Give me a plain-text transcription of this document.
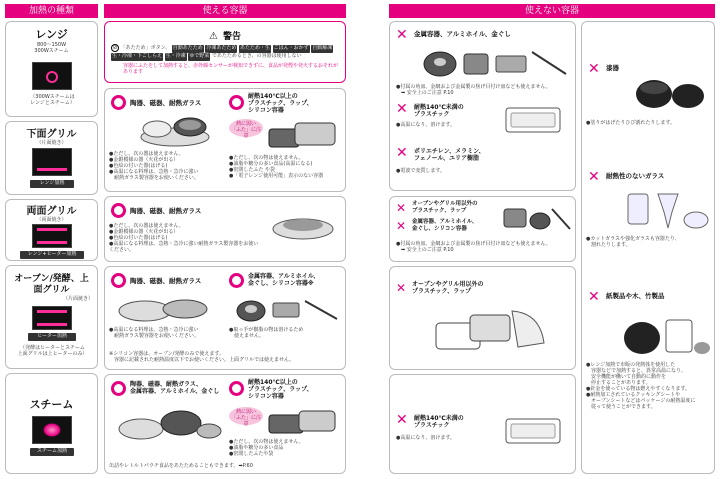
加熱の種類	使える容器	使えない容器
レンジ
800～150W
300Wスチーム
（300Wスチームは
レンジとスチーム）
下面グリル
（片面焼き）
レンジ加熱
両面グリル
（両面焼き）
レンジ+ヒーター加熱
オーブン/発酵、上面グリル
（片面焼き）
ヒーター加熱
（発酵はヒーターとスチーム
上面グリルは上ヒーターのみ）
スチーム
スチーム加熱
⚠ 警告
⊘ 「あたため」ボタン、 自動あたため 冷凍あたため あたため・生 ごはん・おかず 自動解凍 生・冷凍・下ごしらえ 生・冷凍 ゆで野菜 であたためるとき、の容器は使用しない
容器にふたをして加熱すると、赤外線センサーが検知できずに、食品が発煙や発火するおそれがあります
陶器、磁器、耐熱ガラス
●ただし、次の器は使えません。
●金銀模様の器（火花が出る）
●色絵の付いた器(はげる)
●高温になる料理は、急熱・急冷に強い
　耐熱ガラス製容器をお使いください。
耐熱140℃以上の
プラスチック、ラップ、
シリコン容器
熱に弱い
「ふた」に注意
●ただし、次の物は使えません。
●油脂や糖分の多い食品(高温になる)
●密閉したふた や袋
●「電子レンジ使用可能」表示のない容器
陶器、磁器、耐熱ガラス
●ただし、次の器は使えません。
●金銀模様の器（火花が出る）
●色絵の付いた器(はげる)
●高温になる料理は、急熱・急冷に強い耐熱ガラス製容器をお使いください。
陶器、磁器、耐熱ガラス
●高温になる料理は、急熱・急冷に強い
　耐熱ガラス製容器をお使いください。
金属容器、アルミホイル、
金ぐし、シリコン容器※
●取っ手が樹脂の物は溶けるため
　使えません。
※シリコン容器は、オーブン/発酵のみで使えます。
　容器に記載された耐熱温度以下でお使いください。上面グリルでは使えません。
陶器、磁器、耐熱ガラス、
金属容器、アルミホイル、金ぐし
耐熱140℃以上の
プラスチック、ラップ、
シリコン容器
熱に弱い
「ふた」に注意
●ただし、次の物は使えません。
●油脂や糖分の多い食品
●密閉したふたや袋
缶詰やレトルトパウチ食品をあたためることもできます。➡P.60
✕ 金属容器、アルミホイル、金ぐし
●付属の角皿、金網および金属製の焦げ目付け皿なども使えません。
　➡ 安全上のご注意 P.10
✕ 耐熱140℃未満の
プラスチック
●高温になり、溶けます。
✕ ポリエチレン、メラミン、
フェノール、ユリア樹脂
●電波で変質します。
✕ オーブンやグリル用以外の
プラスチック、ラップ
✕ 金属容器、アルミホイル、
金ぐし、シリコン容器
●付属の角皿、金網および金属製の焦げ目付け皿なども使えません。
　➡ 安全上のご注意 P.10
✕ オーブンやグリル用以外の
プラスチック、ラップ
✕ 耐熱140℃未満の
プラスチック
●高温になり、溶けます。
✕ 漆器
●塗りがはげたりひび割れたりします。
✕ 耐熱性のないガラス
●カットガラスや強化ガラスも容器たり、
　割れたりします。
✕ 紙製品や木、竹製品
●レンジ加熱で市販の発熱体を使用した
　容器などで加熱すると、異常高温になり、
　安全機能が働いて自動的に動作を
　停止することがあります。
●針金を使っている物は燃えやすくなります。
●耐熱加工されているクッキングシートや
　オーブンシートなどはパッケージの耐熱温度に
　従って使うことができます。
